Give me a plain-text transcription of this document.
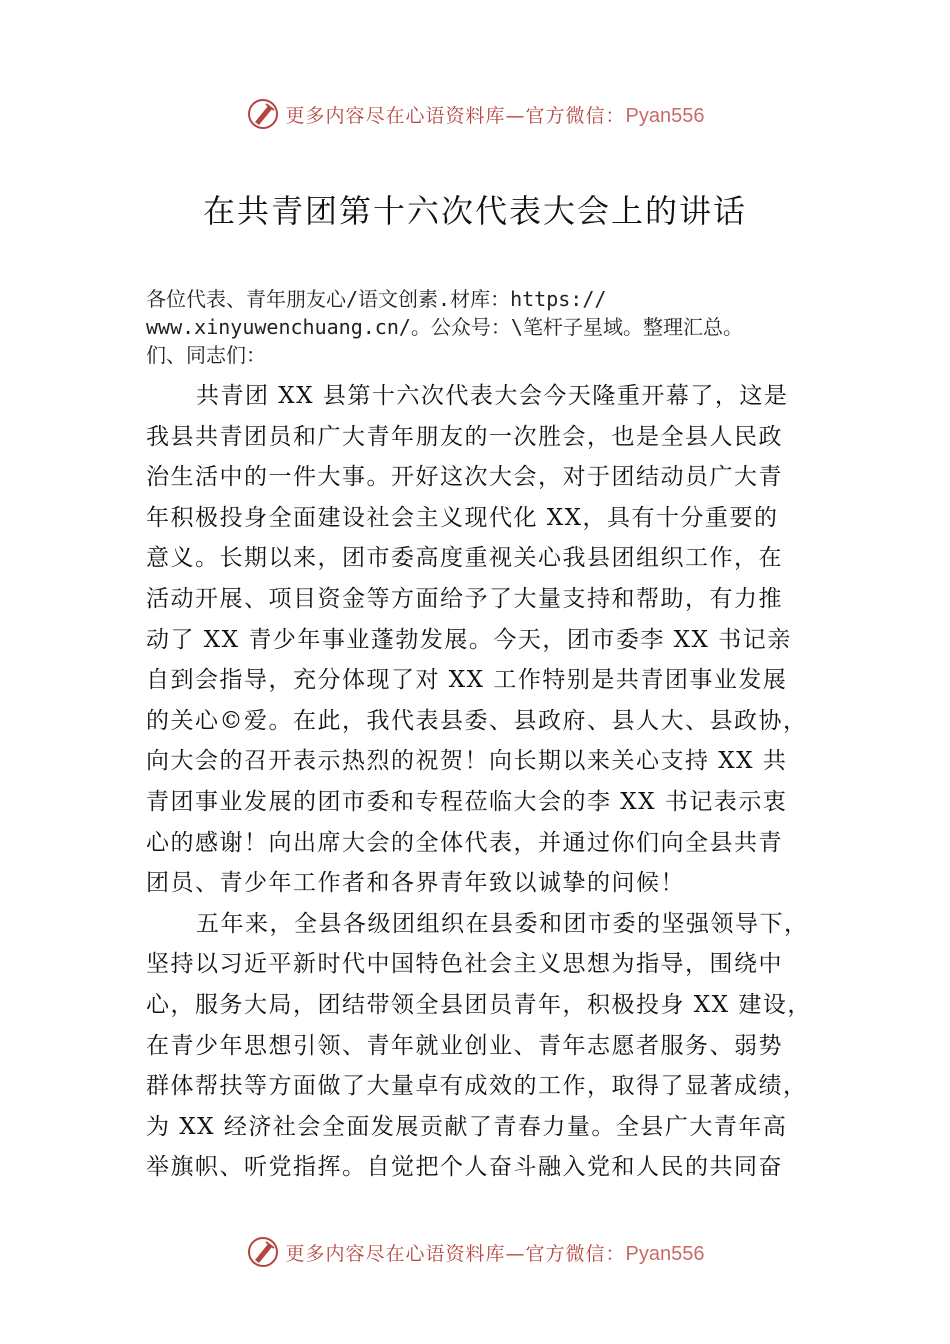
更多内容尽在心语资料库—官方微信：Pyan556
在共青团第十六次代表大会上的讲话
各位代表、青年朋友心/语文创素.材库：https://
www.xinyuwenchuang.cn/。公众号：\笔杆子星域。整理汇总。
们、同志们：
共青团 XX 县第十六次代表大会今天隆重开幕了，这是
我县共青团员和广大青年朋友的一次胜会，也是全县人民政
治生活中的一件大事。开好这次大会，对于团结动员广大青
年积极投身全面建设社会主义现代化 XX，具有十分重要的
意义。长期以来，团市委高度重视关心我县团组织工作，在
活动开展、项目资金等方面给予了大量支持和帮助，有力推
动了 XX 青少年事业蓬勃发展。今天，团市委李 XX 书记亲
自到会指导，充分体现了对 XX 工作特别是共青团事业发展
的关心©爱。在此，我代表县委、县政府、县人大、县政协，
向大会的召开表示热烈的祝贺！向长期以来关心支持 XX 共
青团事业发展的团市委和专程莅临大会的李 XX 书记表示衷
心的感谢！向出席大会的全体代表，并通过你们向全县共青
团员、青少年工作者和各界青年致以诚挚的问候！
五年来，全县各级团组织在县委和团市委的坚强领导下，
坚持以习近平新时代中国特色社会主义思想为指导，围绕中
心，服务大局，团结带领全县团员青年，积极投身 XX 建设，
在青少年思想引领、青年就业创业、青年志愿者服务、弱势
群体帮扶等方面做了大量卓有成效的工作，取得了显著成绩，
为 XX 经济社会全面发展贡献了青春力量。全县广大青年高
举旗帜、听党指挥。自觉把个人奋斗融入党和人民的共同奋
更多内容尽在心语资料库—官方微信：Pyan556
